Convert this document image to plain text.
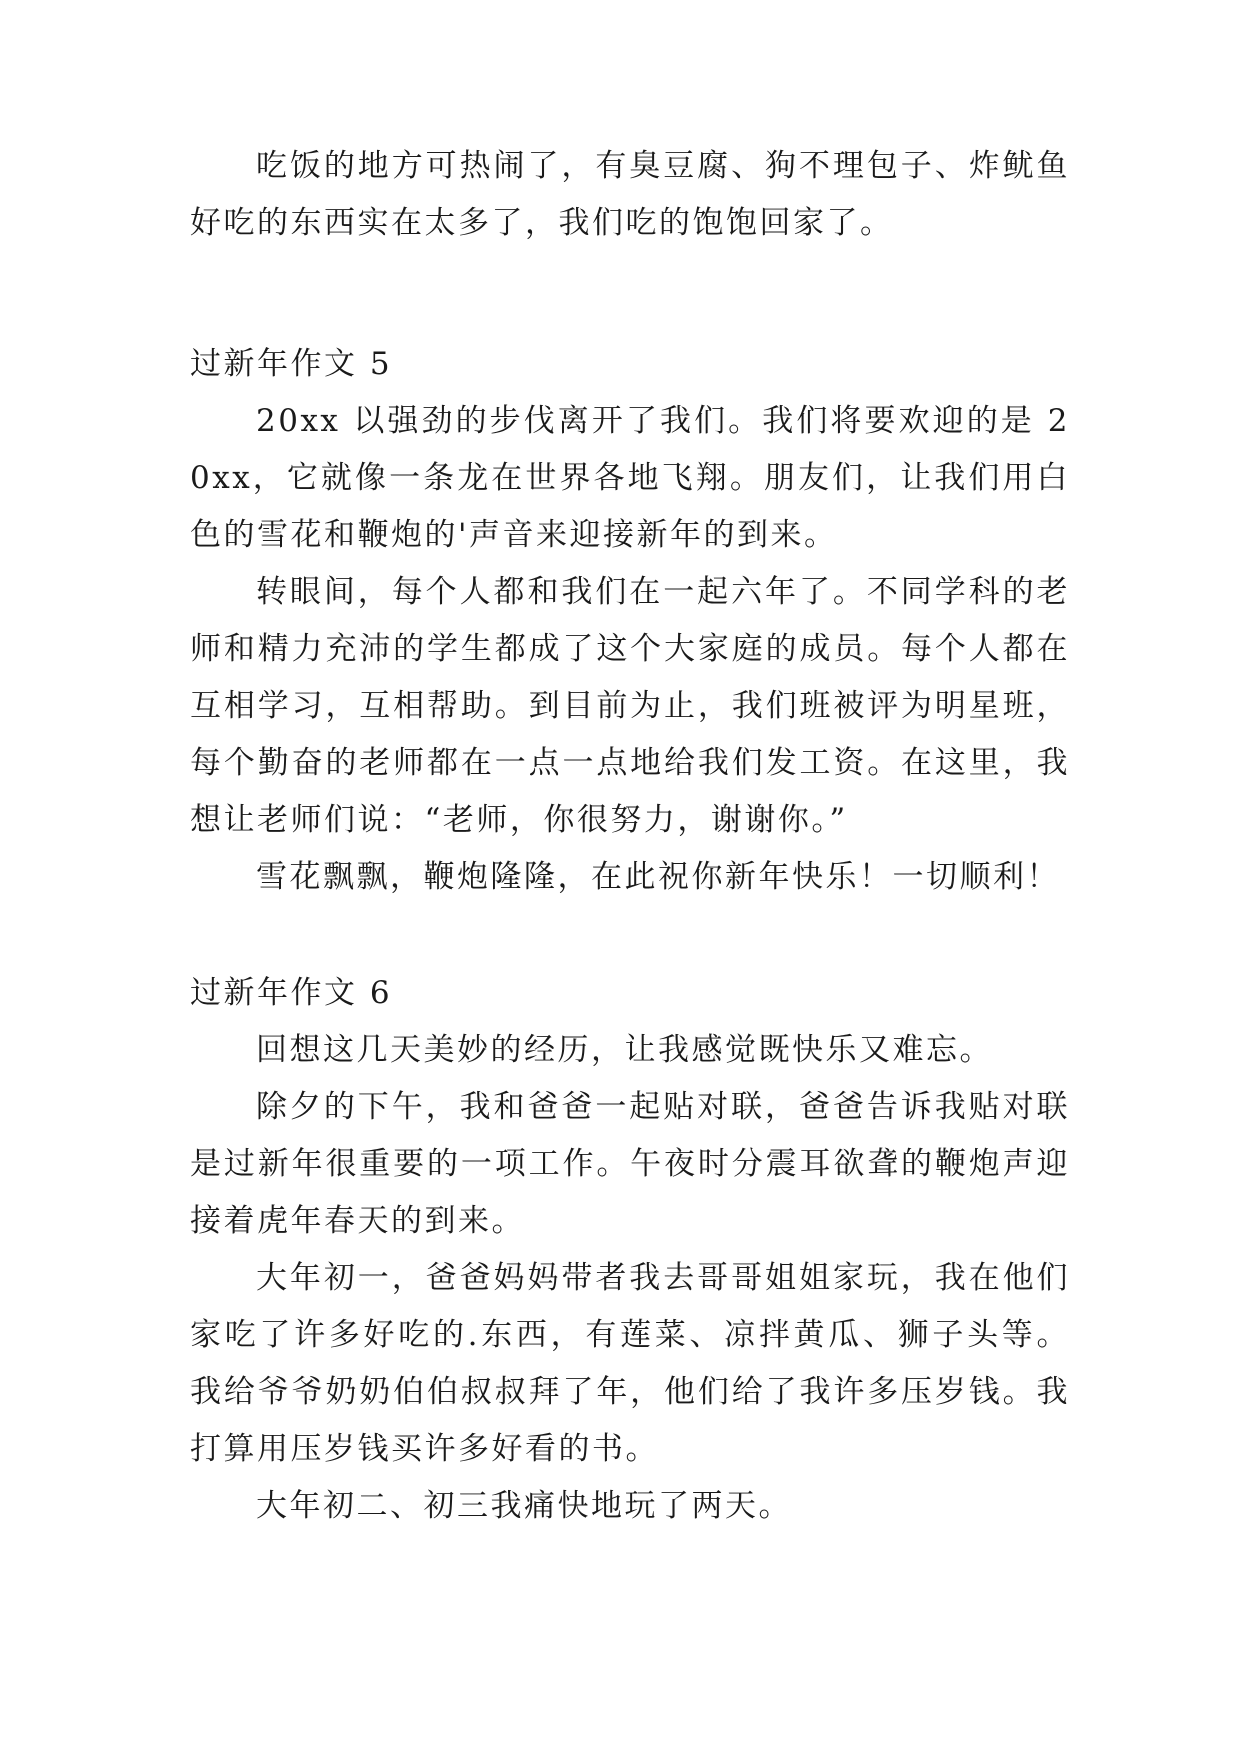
吃饭的地方可热闹了，有臭豆腐、狗不理包子、炸鱿鱼好吃的东西实在太多了，我们吃的饱饱回家了。

过新年作文 5

20xx 以强劲的步伐离开了我们。我们将要欢迎的是 20xx，它就像一条龙在世界各地飞翔。朋友们，让我们用白色的雪花和鞭炮的'声音来迎接新年的到来。

转眼间，每个人都和我们在一起六年了。不同学科的老师和精力充沛的学生都成了这个大家庭的成员。每个人都在互相学习，互相帮助。到目前为止，我们班被评为明星班，每个勤奋的老师都在一点一点地给我们发工资。在这里，我想让老师们说：“老师，你很努力，谢谢你。”

雪花飘飘，鞭炮隆隆，在此祝你新年快乐！一切顺利！

过新年作文 6

回想这几天美妙的经历，让我感觉既快乐又难忘。

除夕的下午，我和爸爸一起贴对联，爸爸告诉我贴对联是过新年很重要的一项工作。午夜时分震耳欲聋的鞭炮声迎接着虎年春天的到来。

大年初一，爸爸妈妈带者我去哥哥姐姐家玩，我在他们家吃了许多好吃的.东西，有莲菜、凉拌黄瓜、狮子头等。我给爷爷奶奶伯伯叔叔拜了年，他们给了我许多压岁钱。我打算用压岁钱买许多好看的书。

大年初二、初三我痛快地玩了两天。
